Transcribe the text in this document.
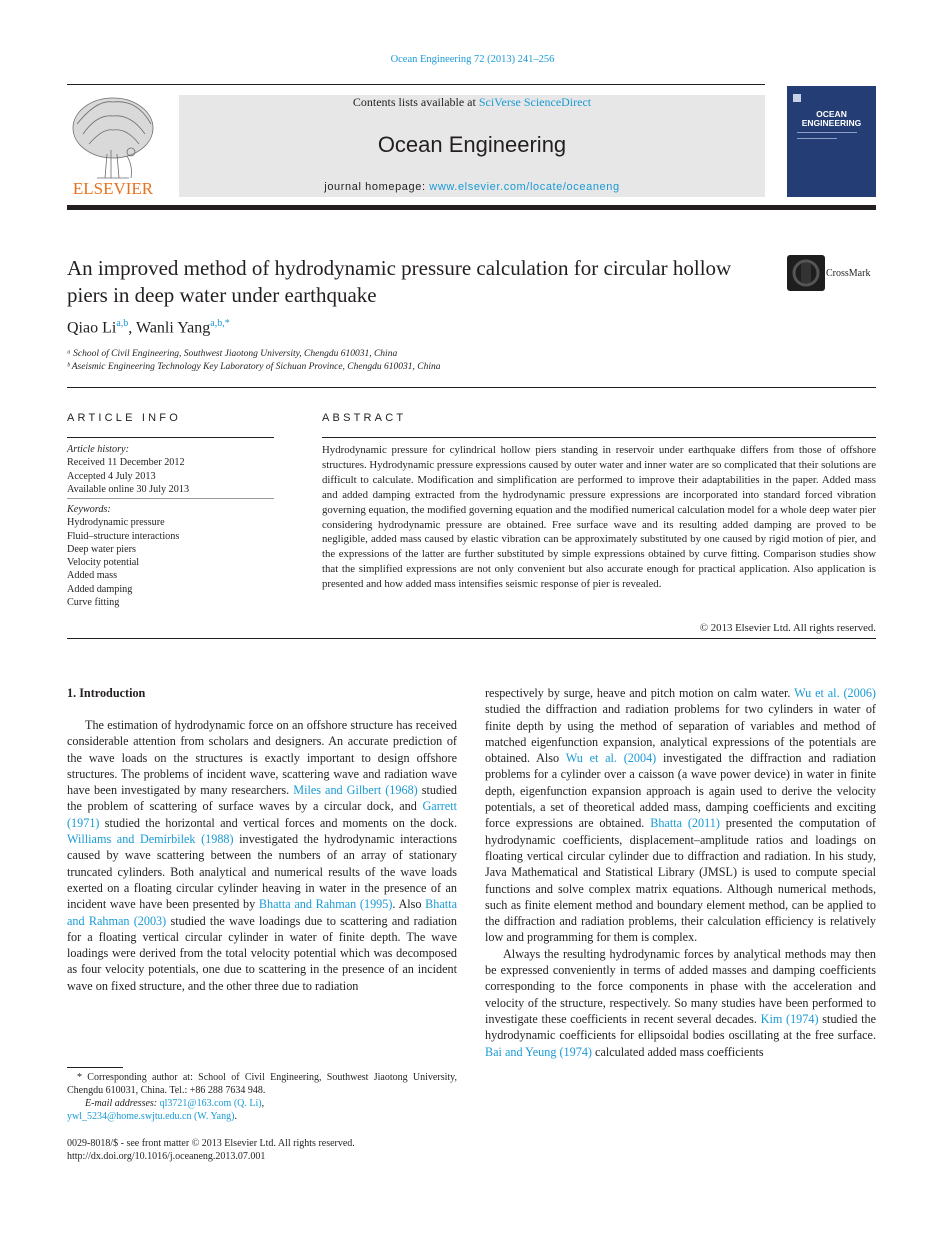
Ocean Engineering 72 (2013) 241–256
ELSEVIER
Contents lists available at SciVerse ScienceDirect
Ocean Engineering
journal homepage: www.elsevier.com/locate/oceaneng
OCEAN ENGINEERING
An improved method of hydrodynamic pressure calculation for circular hollow piers in deep water under earthquake
CrossMark
Qiao Li$^{a,b}$, Wanli Yang$^{a,b,*}$
ᵃ School of Civil Engineering, Southwest Jiaotong University, Chengdu 610031, China
ᵇ Aseismic Engineering Technology Key Laboratory of Sichuan Province, Chengdu 610031, China
ARTICLE INFO
Article history:
Received 11 December 2012
Accepted 4 July 2013
Available online 30 July 2013
Keywords:
Hydrodynamic pressure
Fluid–structure interactions
Deep water piers
Velocity potential
Added mass
Added damping
Curve fitting
ABSTRACT
Hydrodynamic pressure for cylindrical hollow piers standing in reservoir under earthquake differs from those of offshore structures. Hydrodynamic pressure expressions caused by outer water and inner water are so complicated that their solutions are difficult to calculate. Modification and simplification are performed to improve their adaptabilities in the paper. Added mass and added damping extracted from the hydrodynamic pressure expressions are incorporated into standard forced vibration governing equation, the modified governing equation and the modified numerical calculation model for a whole deep water pier considering hydrodynamic pressure are obtained. Free surface wave and its resulting added damping are proved to be negligible, added mass caused by elastic vibration can be approximately substituted by one caused by rigid motion of pier, and the expressions of the latter are further substituted by simple expressions obtained by curve fitting. Comparison studies show that the simplified expressions are not only convenient but also accurate enough for practical application. Also application is presented and how added mass intensifies seismic response of pier is revealed.
© 2013 Elsevier Ltd. All rights reserved.
1. Introduction

The estimation of hydrodynamic force on an offshore structure has received considerable attention from scholars and designers. An accurate prediction of the wave loads on the structures is exactly important to design offshore structures. The problems of incident wave, scattering wave and radiation wave have been investigated by many researchers. Miles and Gilbert (1968) studied the problem of scattering of surface waves by a circular dock, and Garrett (1971) studied the horizontal and vertical forces and moments on the dock. Williams and Demirbilek (1988) investigated the hydrodynamic interactions caused by wave scattering between the numbers of an array of stationary truncated cylinders. Both analytical and numerical results of the wave loads exerted on a floating circular cylinder heaving in water in the presence of an incident wave have been presented by Bhatta and Rahman (1995). Also Bhatta and Rahman (2003) studied the wave loadings due to scattering and radiation for a floating vertical circular cylinder in water of finite depth. The wave loadings were derived from the total velocity potential which was decomposed as four velocity potentials, one due to scattering in the presence of an incident wave on fixed structure, and the other three due to radiation

respectively by surge, heave and pitch motion on calm water. Wu et al. (2006) studied the diffraction and radiation problems for two cylinders in water of finite depth by using the method of separation of variables and method of matched eigenfunction expansion, analytical expressions of the potentials are obtained. Also Wu et al. (2004) investigated the diffraction and radiation problems for a cylinder over a caisson (a wave power device) in water in finite depth, eigenfunction expansion approach is again used to derive the velocity potentials, a set of theoretical added mass, damping coefficients and exciting force expressions are obtained. Bhatta (2011) presented the computation of hydrodynamic coefficients, displacement–amplitude ratios and loadings on floating vertical circular cylinder due to diffraction and radiation. In his study, Java Mathematical and Statistical Library (JMSL) is used to compute special functions and solve complex matrix equations. Although numerical methods, such as finite element method and boundary element method, can be applied to the diffraction and radiation problems, their calculation efficiency is relatively low and programming for them is complex.

Always the resulting hydrodynamic forces by analytical methods may then be expressed conveniently in terms of added masses and damping coefficients corresponding to the force components in phase with the acceleration and velocity of the structure, respectively. So many studies have been performed to investigate these coefficients in recent several decades. Kim (1974) studied the hydrodynamic coefficients for ellipsoidal bodies oscillating at the free surface. Bai and Yeung (1974) calculated added mass coefficients

* Corresponding author at: School of Civil Engineering, Southwest Jiaotong University, Chengdu 610031, China. Tel.: +86 288 7634 948.
E-mail addresses: ql3721@163.com (Q. Li),
ywl_5234@home.swjtu.edu.cn (W. Yang).
0029-8018/$ - see front matter © 2013 Elsevier Ltd. All rights reserved.
http://dx.doi.org/10.1016/j.oceaneng.2013.07.001
